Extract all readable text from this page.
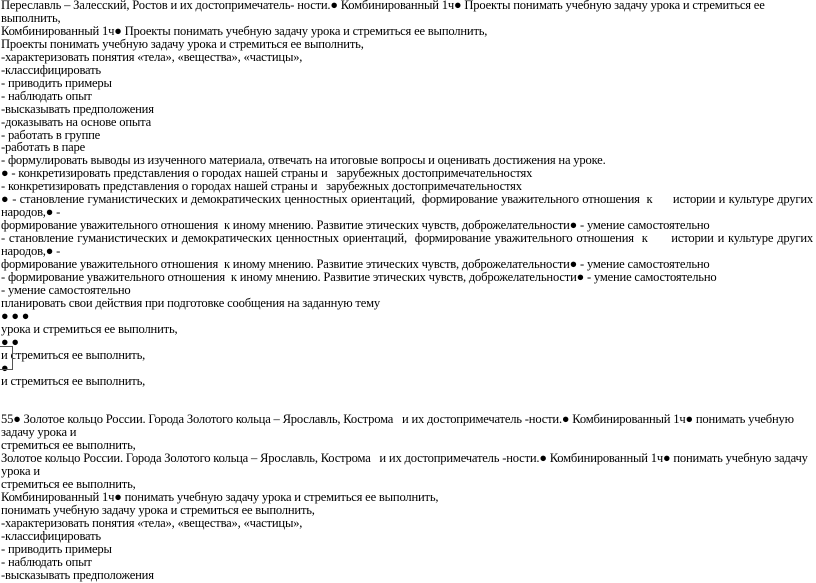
Переславль – Залесский, Ростов и их достопримечатель- ности.● Комбинированный 1ч● Проекты понимать учебную задачу урока и стремиться ее выполнить,
Комбинированный 1ч● Проекты понимать учебную задачу урока и стремиться ее выполнить,
Проекты понимать учебную задачу урока и стремиться ее выполнить,
-характеризовать понятия «тела», «вещества», «частицы»,
-классифицировать
- приводить примеры
- наблюдать опыт
-высказывать предположения
-доказывать на основе опыта
- работать в группе
-работать в паре
- формулировать выводы из изученного материала, отвечать на итоговые вопросы и оценивать достижения на уроке.
● - конкретизировать представления о городах нашей страны и   зарубежных достопримечательностях
- конкретизировать представления о городах нашей страны и   зарубежных достопримечательностях
● - становление гуманистических и демократических ценностных ориентаций,  формирование уважительного отношения  к      истории и культуре других народов,● -
формирование уважительного отношения  к иному мнению. Развитие этических чувств, доброжелательности● - умение самостоятельно
- становление гуманистических и демократических ценностных ориентаций,  формирование уважительного отношения  к      истории и культуре других народов,● -
формирование уважительного отношения  к иному мнению. Развитие этических чувств, доброжелательности● - умение самостоятельно
- формирование уважительного отношения  к иному мнению. Развитие этических чувств, доброжелательности● - умение самостоятельно
- умение самостоятельно
планировать свои действия при подготовке сообщения на заданную тему
● ● ●
урока и стремиться ее выполнить,
● ●
и стремиться ее выполнить,
●
и стремиться ее выполнить,
55● Золотое кольцо России. Города Золотого кольца – Ярославль, Кострома   и их достопримечатель -ности.● Комбинированный 1ч● понимать учебную задачу урока и
стремиться ее выполнить,
Золотое кольцо России. Города Золотого кольца – Ярославль, Кострома   и их достопримечатель -ности.● Комбинированный 1ч● понимать учебную задачу урока и
стремиться ее выполнить,
Комбинированный 1ч● понимать учебную задачу урока и стремиться ее выполнить,
понимать учебную задачу урока и стремиться ее выполнить,
-характеризовать понятия «тела», «вещества», «частицы»,
-классифицировать
- приводить примеры
- наблюдать опыт
-высказывать предположения
